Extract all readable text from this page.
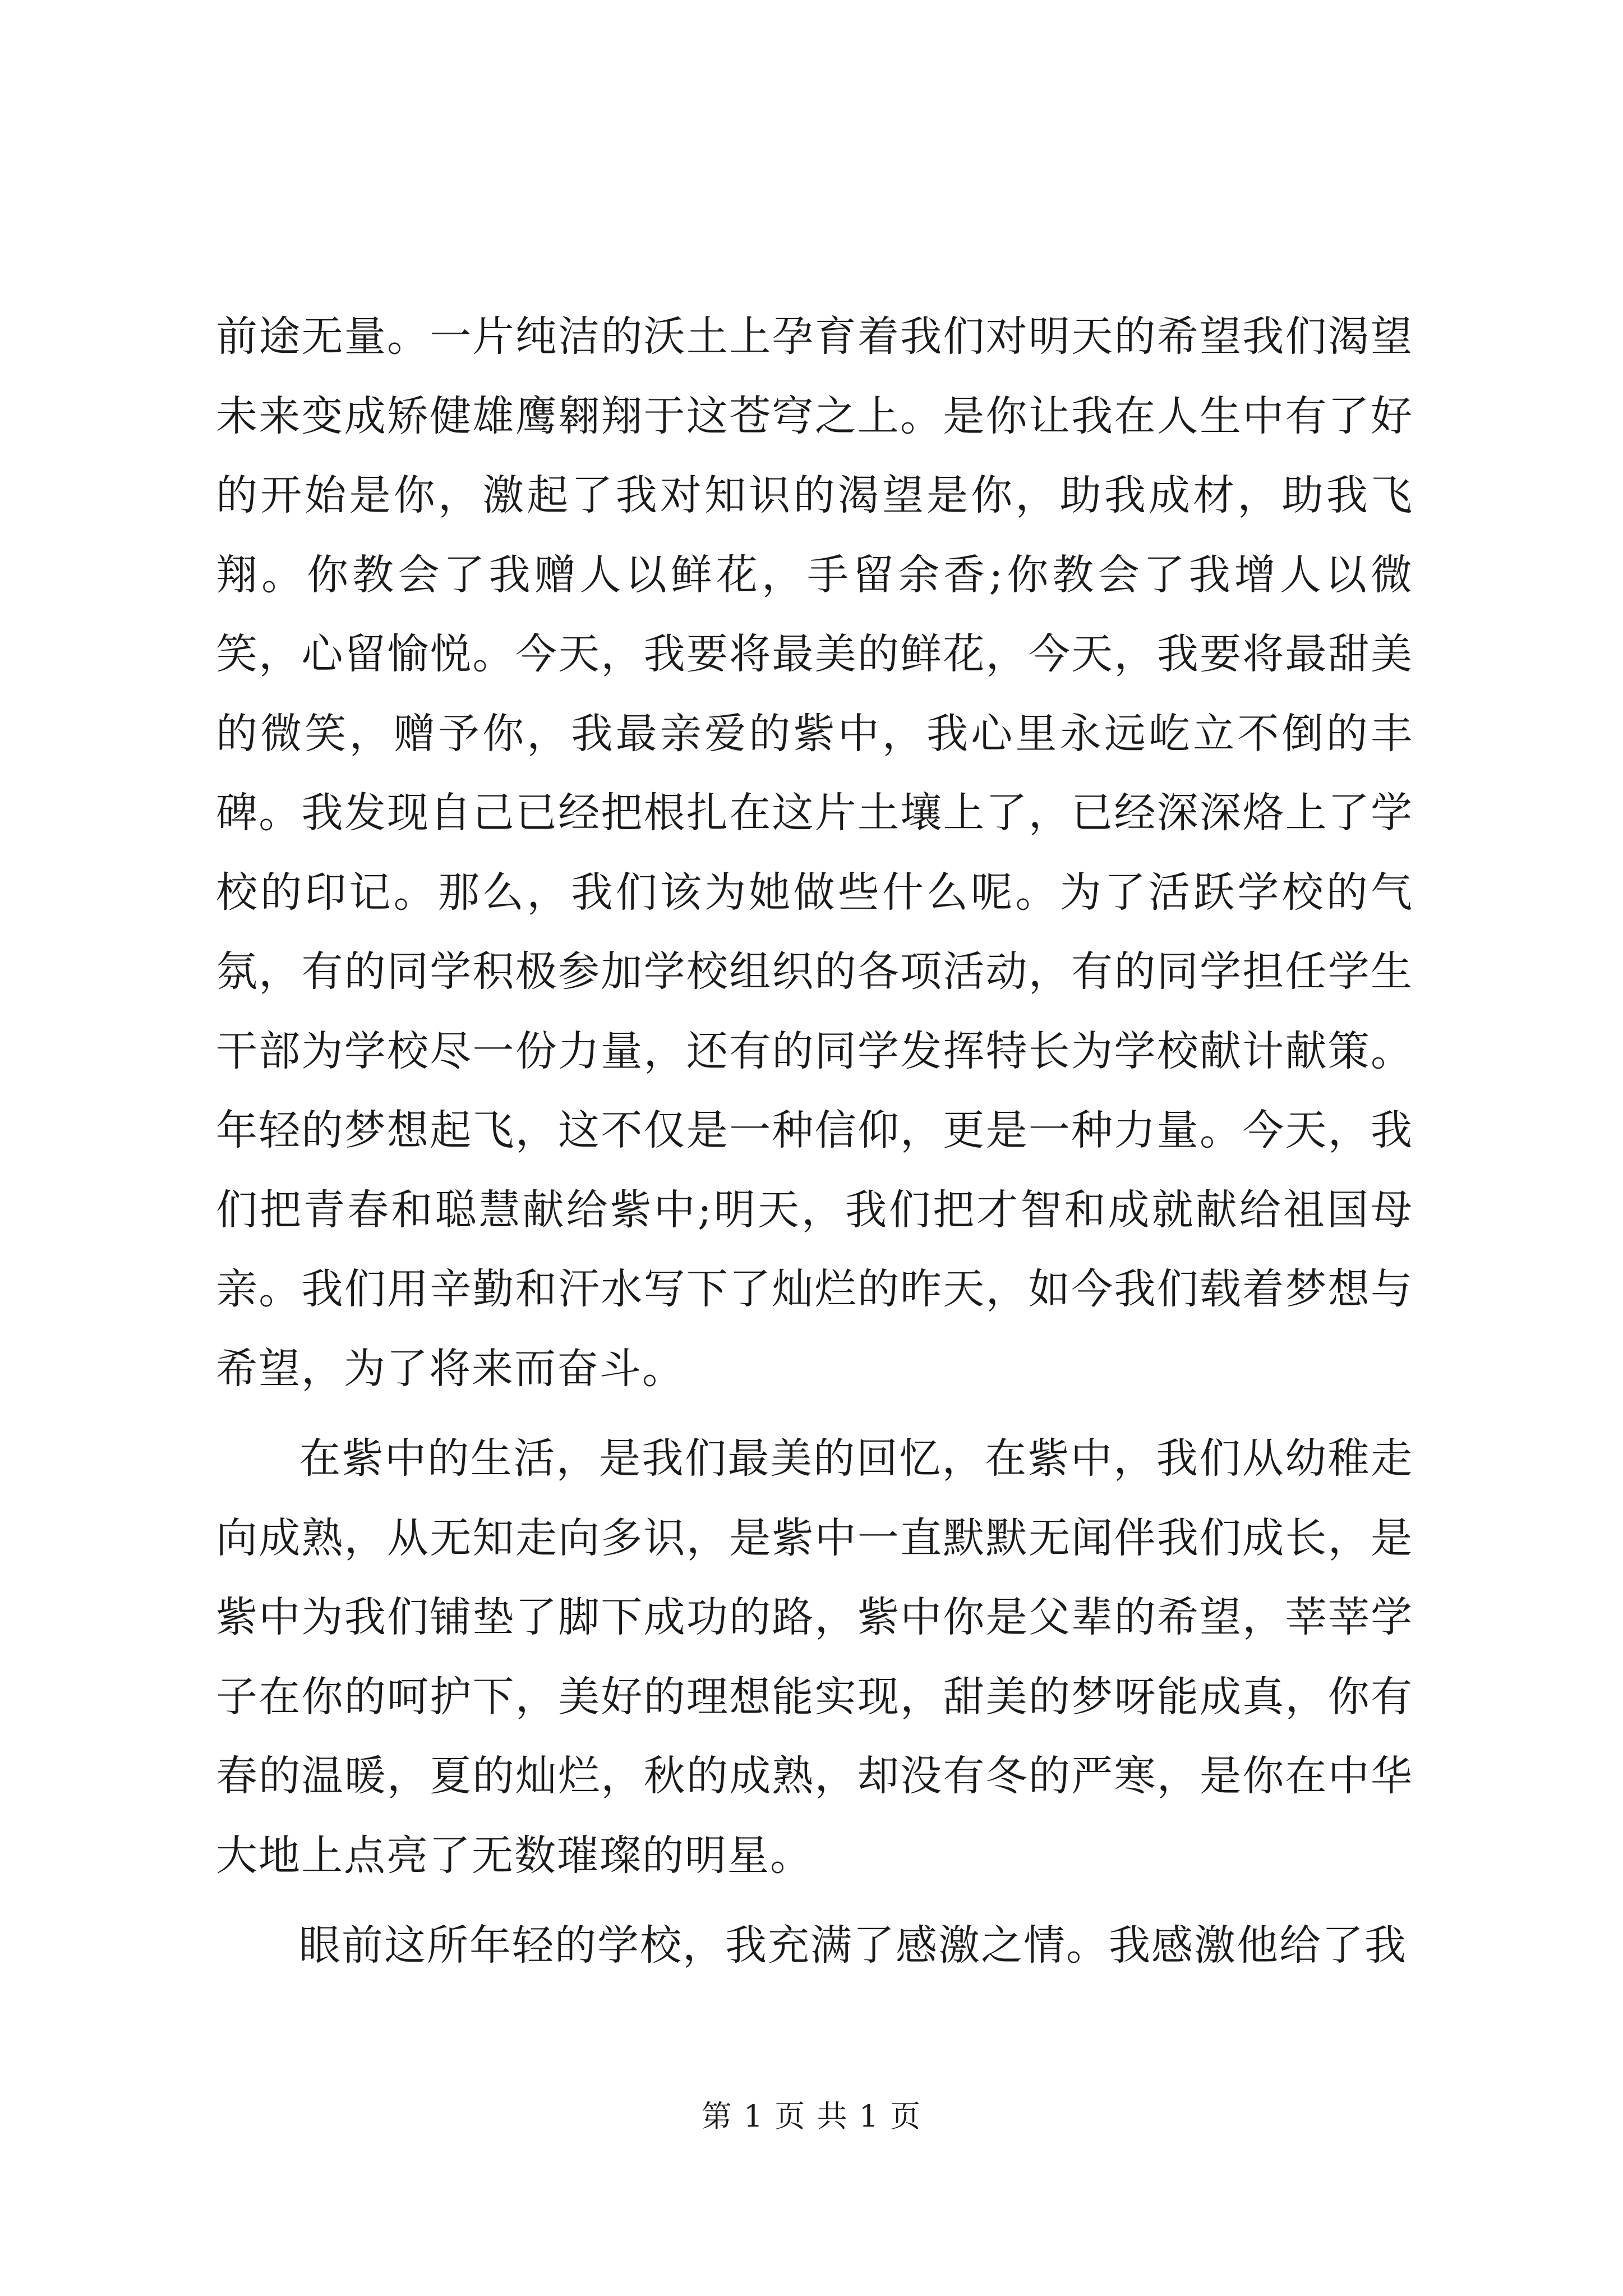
前途无量。一片纯洁的沃土上孕育着我们对明天的希望我们渴望未来变成矫健雄鹰翱翔于这苍穹之上。是你让我在人生中有了好的开始是你，激起了我对知识的渴望是你，助我成材，助我飞翔。你教会了我赠人以鲜花，手留余香;你教会了我增人以微笑，心留愉悦。今天，我要将最美的鲜花，今天，我要将最甜美的微笑，赠予你，我最亲爱的紫中，我心里永远屹立不倒的丰碑。我发现自己已经把根扎在这片土壤上了，已经深深烙上了学校的印记。那么，我们该为她做些什么呢。为了活跃学校的气氛，有的同学积极参加学校组织的各项活动，有的同学担任学生干部为学校尽一份力量，还有的同学发挥特长为学校献计献策。年轻的梦想起飞，这不仅是一种信仰，更是一种力量。今天，我们把青春和聪慧献给紫中;明天，我们把才智和成就献给祖国母亲。我们用辛勤和汗水写下了灿烂的昨天，如今我们载着梦想与希望，为了将来而奋斗。

在紫中的生活，是我们最美的回忆，在紫中，我们从幼稚走向成熟，从无知走向多识，是紫中一直默默无闻伴我们成长，是紫中为我们铺垫了脚下成功的路，紫中你是父辈的希望，莘莘学子在你的呵护下，美好的理想能实现，甜美的梦呀能成真，你有春的温暖，夏的灿烂，秋的成熟，却没有冬的严寒，是你在中华大地上点亮了无数璀璨的明星。

眼前这所年轻的学校，我充满了感激之情。我感激他给了我

第 1 页 共 1 页
